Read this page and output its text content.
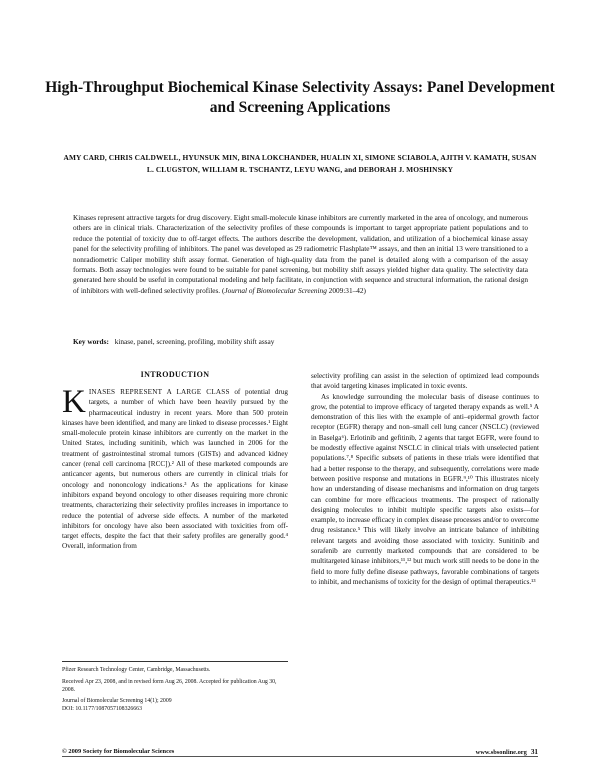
High-Throughput Biochemical Kinase Selectivity Assays: Panel Development and Screening Applications
AMY CARD, CHRIS CALDWELL, HYUNSUK MIN, BINA LOKCHANDER, HUALIN XI, SIMONE SCIABOLA, AJITH V. KAMATH, SUSAN L. CLUGSTON, WILLIAM R. TSCHANTZ, LEYU WANG, and DEBORAH J. MOSHINSKY
Kinases represent attractive targets for drug discovery. Eight small-molecule kinase inhibitors are currently marketed in the area of oncology, and numerous others are in clinical trials. Characterization of the selectivity profiles of these compounds is important to target appropriate patient populations and to reduce the potential of toxicity due to off-target effects. The authors describe the development, validation, and utilization of a biochemical kinase assay panel for the selectivity profiling of inhibitors. The panel was developed as 29 radiometric Flashplate™ assays, and then an initial 13 were transitioned to a nonradiometric Caliper mobility shift assay format. Generation of high-quality data from the panel is detailed along with a comparison of the assay formats. Both assay technologies were found to be suitable for panel screening, but mobility shift assays yielded higher data quality. The selectivity data generated here should be useful in computational modeling and help facilitate, in conjunction with sequence and structural information, the rational design of inhibitors with well-defined selectivity profiles. (Journal of Biomolecular Screening 2009:31–42)
Key words: kinase, panel, screening, profiling, mobility shift assay
INTRODUCTION

KINASES REPRESENT A LARGE CLASS of potential drug targets, a number of which have been heavily pursued by the pharmaceutical industry in recent years. More than 500 protein kinases have been identified, and many are linked to disease processes.¹ Eight small-molecule protein kinase inhibitors are currently on the market in the United States, including sunitinib, which was launched in 2006 for the treatment of gastrointestinal stromal tumors (GISTs) and advanced kidney cancer (renal cell carcinoma [RCC]).² All of these marketed compounds are anticancer agents, but numerous others are currently in clinical trials for oncology and nononcology indications.³ As the applications for kinase inhibitors expand beyond oncology to other diseases requiring more chronic treatments, characterizing their selectivity profiles increases in importance to reduce the potential of adverse side effects. A number of the marketed inhibitors for oncology have also been associated with toxicities from off-target effects, despite the fact that their safety profiles are generally good.⁴ Overall, information from

selectivity profiling can assist in the selection of optimized lead compounds that avoid targeting kinases implicated in toxic events.

As knowledge surrounding the molecular basis of disease continues to grow, the potential to improve efficacy of targeted therapy expands as well.⁵ A demonstration of this lies with the example of anti–epidermal growth factor receptor (EGFR) therapy and non–small cell lung cancer (NSCLC) (reviewed in Baselga⁶). Erlotinib and gefitinib, 2 agents that target EGFR, were found to be modestly effective against NSCLC in clinical trials with unselected patient populations.⁷,⁸ Specific subsets of patients in these trials were identified that had a better response to the therapy, and subsequently, correlations were made between positive response and mutations in EGFR.⁹,¹⁰ This illustrates nicely how an understanding of disease mechanisms and information on drug targets can combine for more efficacious treatments. The prospect of rationally designing molecules to inhibit multiple specific targets also exists—for example, to increase efficacy in complex disease processes and/or to overcome drug resistance.⁵ This will likely involve an intricate balance of inhibiting relevant targets and avoiding those associated with toxicity. Sunitinib and sorafenib are currently marketed compounds that are considered to be multitargeted kinase inhibitors,¹¹,¹² but much work still needs to be done in the field to more fully define disease pathways, favorable combinations of targets to inhibit, and mechanisms of toxicity for the design of optimal therapeutics.¹³

Pfizer Research Technology Center, Cambridge, Massachusetts.

Received Apr 23, 2008, and in revised form Aug 26, 2008. Accepted for publication Aug 30, 2008.

Journal of Biomolecular Screening 14(1); 2009

DOI: 10.1177/1087057108326663

© 2009 Society for Biomolecular Sciences	www.sbsonline.org 31
